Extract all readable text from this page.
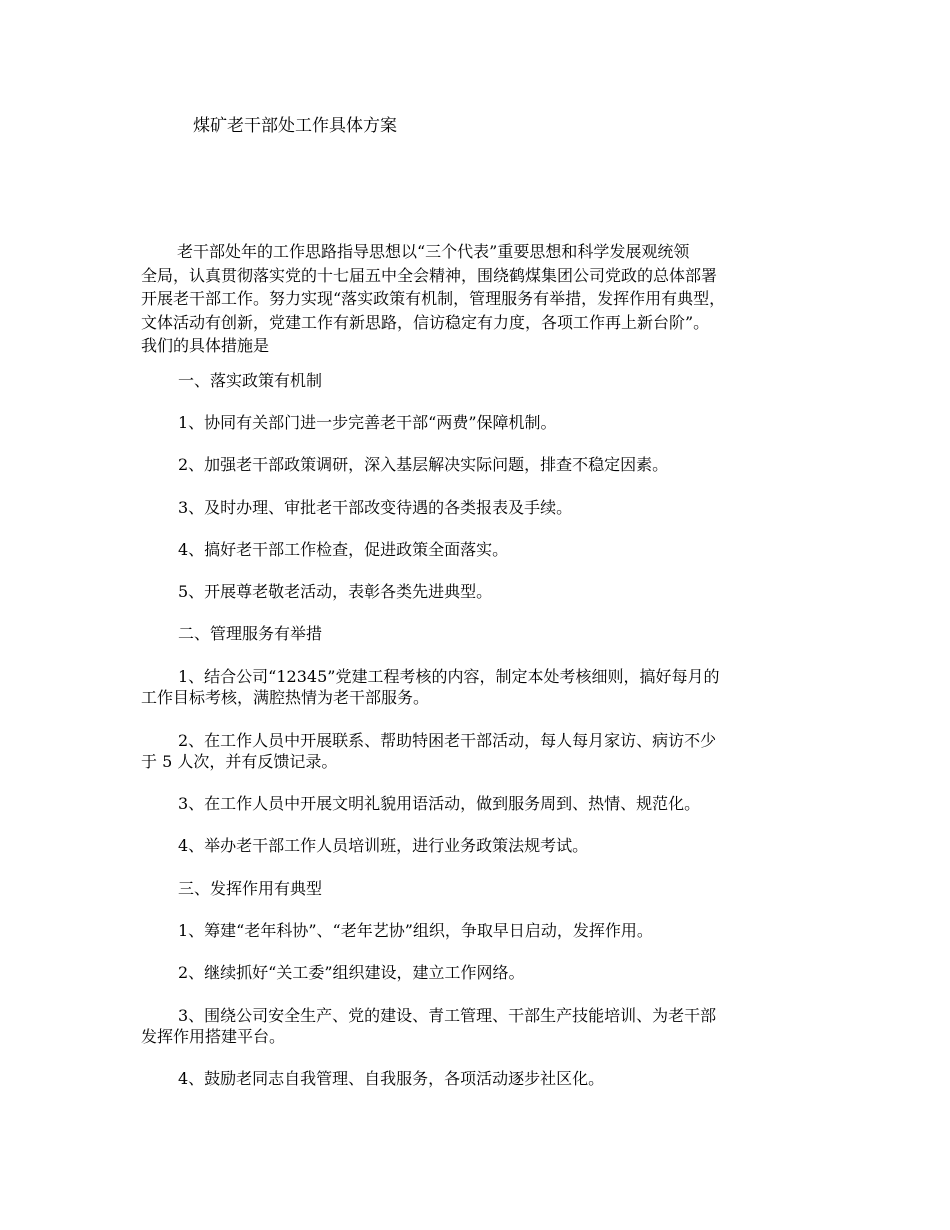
煤矿老干部处工作具体方案
老干部处年的工作思路指导思想以“三个代表”重要思想和科学发展观统领
全局，认真贯彻落实党的十七届五中全会精神，围绕鹤煤集团公司党政的总体部署
开展老干部工作。努力实现“落实政策有机制，管理服务有举措，发挥作用有典型，
文体活动有创新，党建工作有新思路，信访稳定有力度，各项工作再上新台阶”。
我们的具体措施是
一、落实政策有机制
1、协同有关部门进一步完善老干部“两费”保障机制。
2、加强老干部政策调研，深入基层解决实际问题，排查不稳定因素。
3、及时办理、审批老干部改变待遇的各类报表及手续。
4、搞好老干部工作检查，促进政策全面落实。
5、开展尊老敬老活动，表彰各类先进典型。
二、管理服务有举措
1、结合公司“12345”党建工程考核的内容，制定本处考核细则，搞好每月的
工作目标考核，满腔热情为老干部服务。
2、在工作人员中开展联系、帮助特困老干部活动，每人每月家访、病访不少
于 5 人次，并有反馈记录。
3、在工作人员中开展文明礼貌用语活动，做到服务周到、热情、规范化。
4、举办老干部工作人员培训班，进行业务政策法规考试。
三、发挥作用有典型
1、筹建“老年科协”、“老年艺协”组织，争取早日启动，发挥作用。
2、继续抓好“关工委”组织建设，建立工作网络。
3、围绕公司安全生产、党的建设、青工管理、干部生产技能培训、为老干部
发挥作用搭建平台。
4、鼓励老同志自我管理、自我服务，各项活动逐步社区化。
